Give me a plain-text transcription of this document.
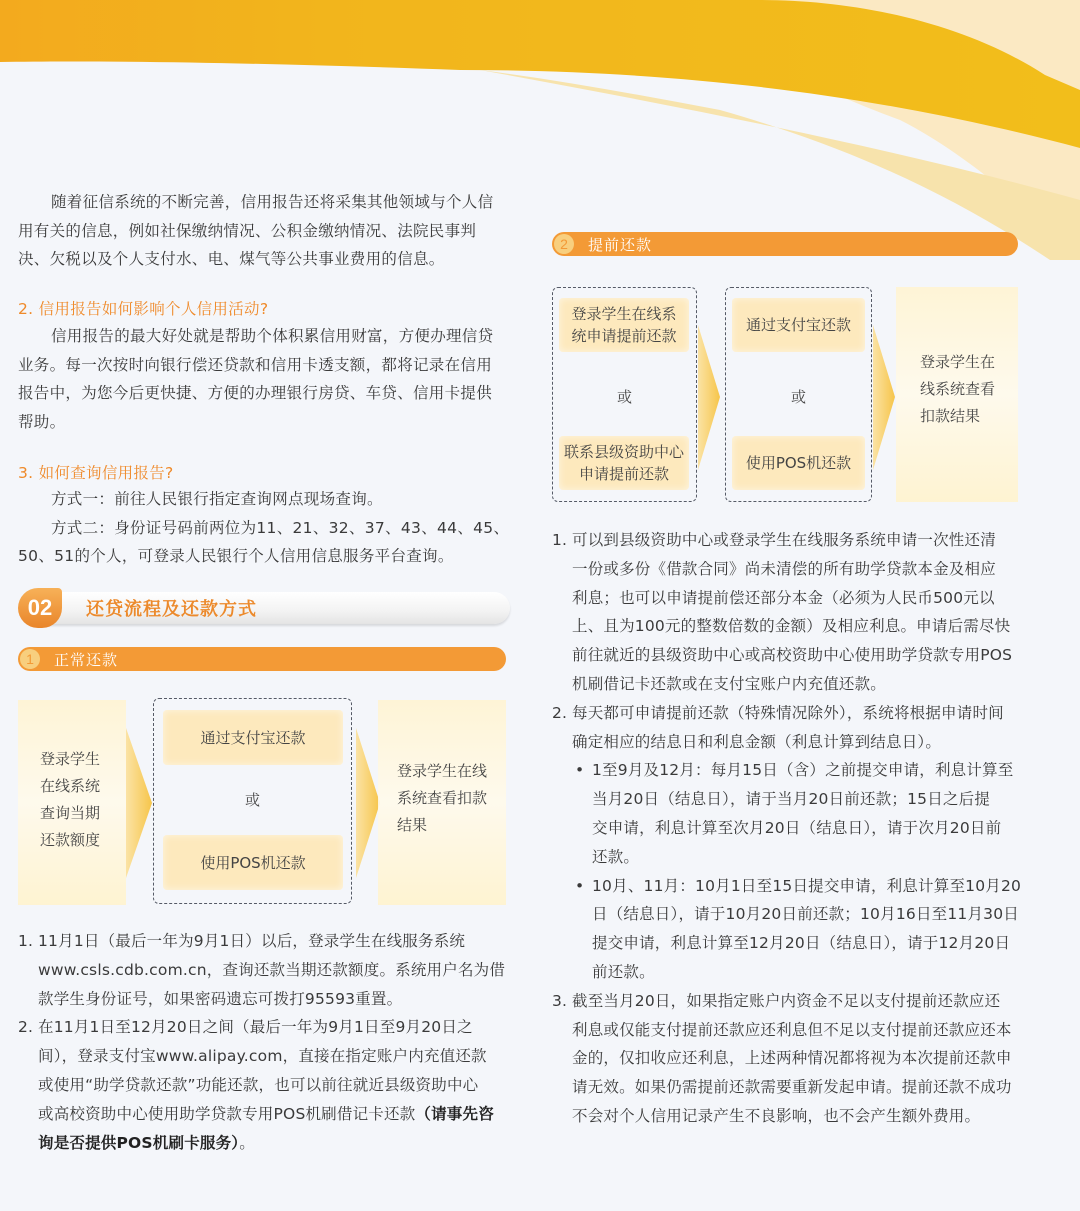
随着征信系统的不断完善，信用报告还将采集其他领域与个人信
用有关的信息，例如社保缴纳情况、公积金缴纳情况、法院民事判
决、欠税以及个人支付水、电、煤气等公共事业费用的信息。
2. 信用报告如何影响个人信用活动?
信用报告的最大好处就是帮助个体积累信用财富，方便办理信贷
业务。每一次按时向银行偿还贷款和信用卡透支额，都将记录在信用
报告中，为您今后更快捷、方便的办理银行房贷、车贷、信用卡提供
帮助。
3. 如何查询信用报告?
方式一：前往人民银行指定查询网点现场查询。
方式二：身份证号码前两位为11、21、32、37、43、44、45、
50、51的个人，可登录人民银行个人信用信息服务平台查询。
02	还贷流程及还款方式
1	正常还款
登录学生
在线系统
查询当期
还款额度
通过支付宝还款
或
使用POS机还款
登录学生在线
系统查看扣款
结果
1. 11月1日（最后一年为9月1日）以后，登录学生在线服务系统
www.csls.cdb.com.cn，查询还款当期还款额度。系统用户名为借
款学生身份证号，如果密码遗忘可拨打95593重置。
2. 在11月1日至12月20日之间（最后一年为9月1日至9月20日之
间），登录支付宝www.alipay.com，直接在指定账户内充值还款
或使用“助学贷款还款”功能还款，也可以前往就近县级资助中心
或高校资助中心使用助学贷款专用POS机刷借记卡还款（请事先咨
询是否提供POS机刷卡服务）。
2	提前还款
登录学生在线系
统申请提前还款
或
联系县级资助中心
申请提前还款
通过支付宝还款
或
使用POS机还款
登录学生在
线系统查看
扣款结果
1. 可以到县级资助中心或登录学生在线服务系统申请一次性还清
一份或多份《借款合同》尚未清偿的所有助学贷款本金及相应
利息；也可以申请提前偿还部分本金（必须为人民币500元以
上、且为100元的整数倍数的金额）及相应利息。申请后需尽快
前往就近的县级资助中心或高校资助中心使用助学贷款专用POS
机刷借记卡还款或在支付宝账户内充值还款。
2. 每天都可申请提前还款（特殊情况除外），系统将根据申请时间
确定相应的结息日和利息金额（利息计算到结息日）。
• 1至9月及12月：每月15日（含）之前提交申请，利息计算至
当月20日（结息日），请于当月20日前还款；15日之后提
交申请，利息计算至次月20日（结息日），请于次月20日前
还款。
• 10月、11月：10月1日至15日提交申请，利息计算至10月20
日（结息日），请于10月20日前还款；10月16日至11月30日
提交申请，利息计算至12月20日（结息日），请于12月20日
前还款。
3. 截至当月20日，如果指定账户内资金不足以支付提前还款应还
利息或仅能支付提前还款应还利息但不足以支付提前还款应还本
金的，仅扣收应还利息，上述两种情况都将视为本次提前还款申
请无效。如果仍需提前还款需要重新发起申请。提前还款不成功
不会对个人信用记录产生不良影响，也不会产生额外费用。
